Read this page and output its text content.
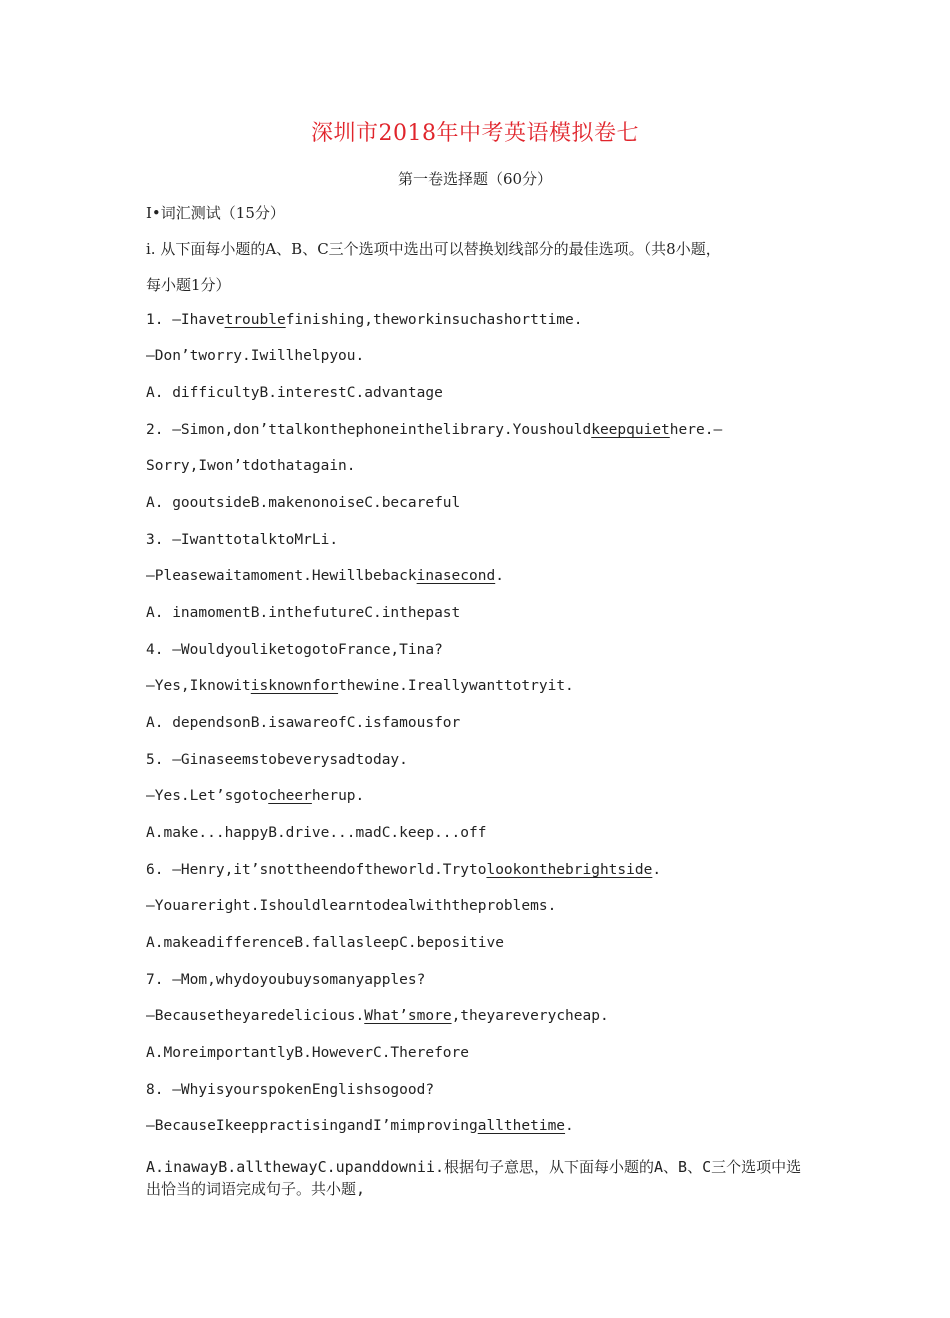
深圳市2018年中考英语模拟卷七
第一卷选择题（60分）
I•词汇测试（15分）
i. 从下面每小题的A、B、C三个选项中选出可以替换划线部分的最佳选项。（共8小题，
每小题1分）
1. —Ihavetroublefinishing,theworkinsuchashorttime.
—Don’tworry.Iwillhelpyou.
A. difficultyB.interestC.advantage
2. —Simon,don’ttalkonthephoneinthelibrary.Youshouldkeepquiethere.—
Sorry,Iwon’tdothatagain.
A. gooutsideB.makenonoiseC.becareful
3. —IwanttotalktoMrLi.
—Pleasewaitamoment.Hewillbebackinasecond.
A. inamomentB.inthefutureC.inthepast
4. —WouldyouliketogotoFrance,Tina?
—Yes,Iknowitisknownforthewine.Ireallywanttotryit.
A. dependsonB.isawareofC.isfamousfor
5. —Ginaseemstobeverysadtoday.
—Yes.Let’sgotocheerherup.
A.make...happyB.drive...madC.keep...off
6. —Henry,it’snottheendoftheworld.Trytolookonthebrightside.
—Youareright.Ishouldlearntodealwiththeproblems.
A.makeadifferenceB.fallasleepC.bepositive
7. —Mom,whydoyoubuysomanyapples?
—Becausetheyaredelicious.What’smore,theyareverycheap.
A.MoreimportantlyB.HoweverC.Therefore
8. —WhyisyourspokenEnglishsogood?
—BecauseIkeeppractisingandI’mimprovingallthetime.
A.inawayB.allthewayC.upanddownii.根据句子意思，从下面每小题的A、B、C三个选项中选出恰当的词语完成句子。共小题,
